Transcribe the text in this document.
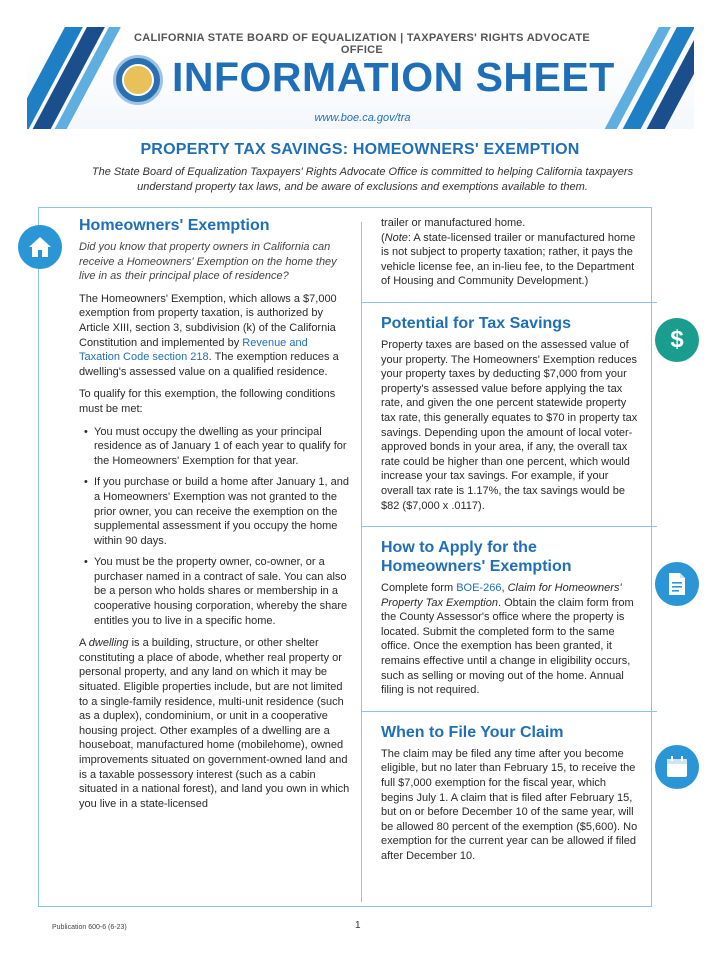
CALIFORNIA STATE BOARD OF EQUALIZATION | TAXPAYERS' RIGHTS ADVOCATE OFFICE
INFORMATION SHEET
www.boe.ca.gov/tra
PROPERTY TAX SAVINGS: HOMEOWNERS' EXEMPTION
The State Board of Equalization Taxpayers' Rights Advocate Office is committed to helping California taxpayers understand property tax laws, and be aware of exclusions and exemptions available to them.
$
Homeowners' Exemption
Did you know that property owners in California can receive a Homeowners' Exemption on the home they live in as their principal place of residence?
The Homeowners' Exemption, which allows a $7,000 exemption from property taxation, is authorized by Article XIII, section 3, subdivision (k) of the California Constitution and implemented by Revenue and Taxation Code section 218. The exemption reduces a dwelling's assessed value on a qualified residence.
To qualify for this exemption, the following conditions must be met:
• You must occupy the dwelling as your principal residence as of January 1 of each year to qualify for the Homeowners' Exemption for that year.
• If you purchase or build a home after January 1, and a Homeowners' Exemption was not granted to the prior owner, you can receive the exemption on the supplemental assessment if you occupy the home within 90 days.
• You must be the property owner, co-owner, or a purchaser named in a contract of sale. You can also be a person who holds shares or membership in a cooperative housing corporation, whereby the share entitles you to live in a specific home.
A dwelling is a building, structure, or other shelter constituting a place of abode, whether real property or personal property, and any land on which it may be situated. Eligible properties include, but are not limited to a single-family residence, multi-unit residence (such as a duplex), condominium, or unit in a cooperative housing project. Other examples of a dwelling are a houseboat, manufactured home (mobilehome), owned improvements situated on government-owned land and is a taxable possessory interest (such as a cabin situated in a national forest), and land you own in which you live in a state-licensed
trailer or manufactured home.
(Note: A state-licensed trailer or manufactured home is not subject to property taxation; rather, it pays the vehicle license fee, an in-lieu fee, to the Department of Housing and Community Development.)
Potential for Tax Savings
Property taxes are based on the assessed value of your property. The Homeowners' Exemption reduces your property taxes by deducting $7,000 from your property's assessed value before applying the tax rate, and given the one percent statewide property tax rate, this generally equates to $70 in property tax savings. Depending upon the amount of local voter-approved bonds in your area, if any, the overall tax rate could be higher than one percent, which would increase your tax savings. For example, if your overall tax rate is 1.17%, the tax savings would be $82 ($7,000 x .0117).
How to Apply for the Homeowners' Exemption
Complete form BOE-266, Claim for Homeowners' Property Tax Exemption. Obtain the claim form from the County Assessor's office where the property is located. Submit the completed form to the same office. Once the exemption has been granted, it remains effective until a change in eligibility occurs, such as selling or moving out of the home. Annual filing is not required.
When to File Your Claim
The claim may be filed any time after you become eligible, but no later than February 15, to receive the full $7,000 exemption for the fiscal year, which begins July 1. A claim that is filed after February 15, but on or before December 10 of the same year, will be allowed 80 percent of the exemption ($5,600). No exemption for the current year can be allowed if filed after December 10.
Publication 600-6 (6-23)	1
